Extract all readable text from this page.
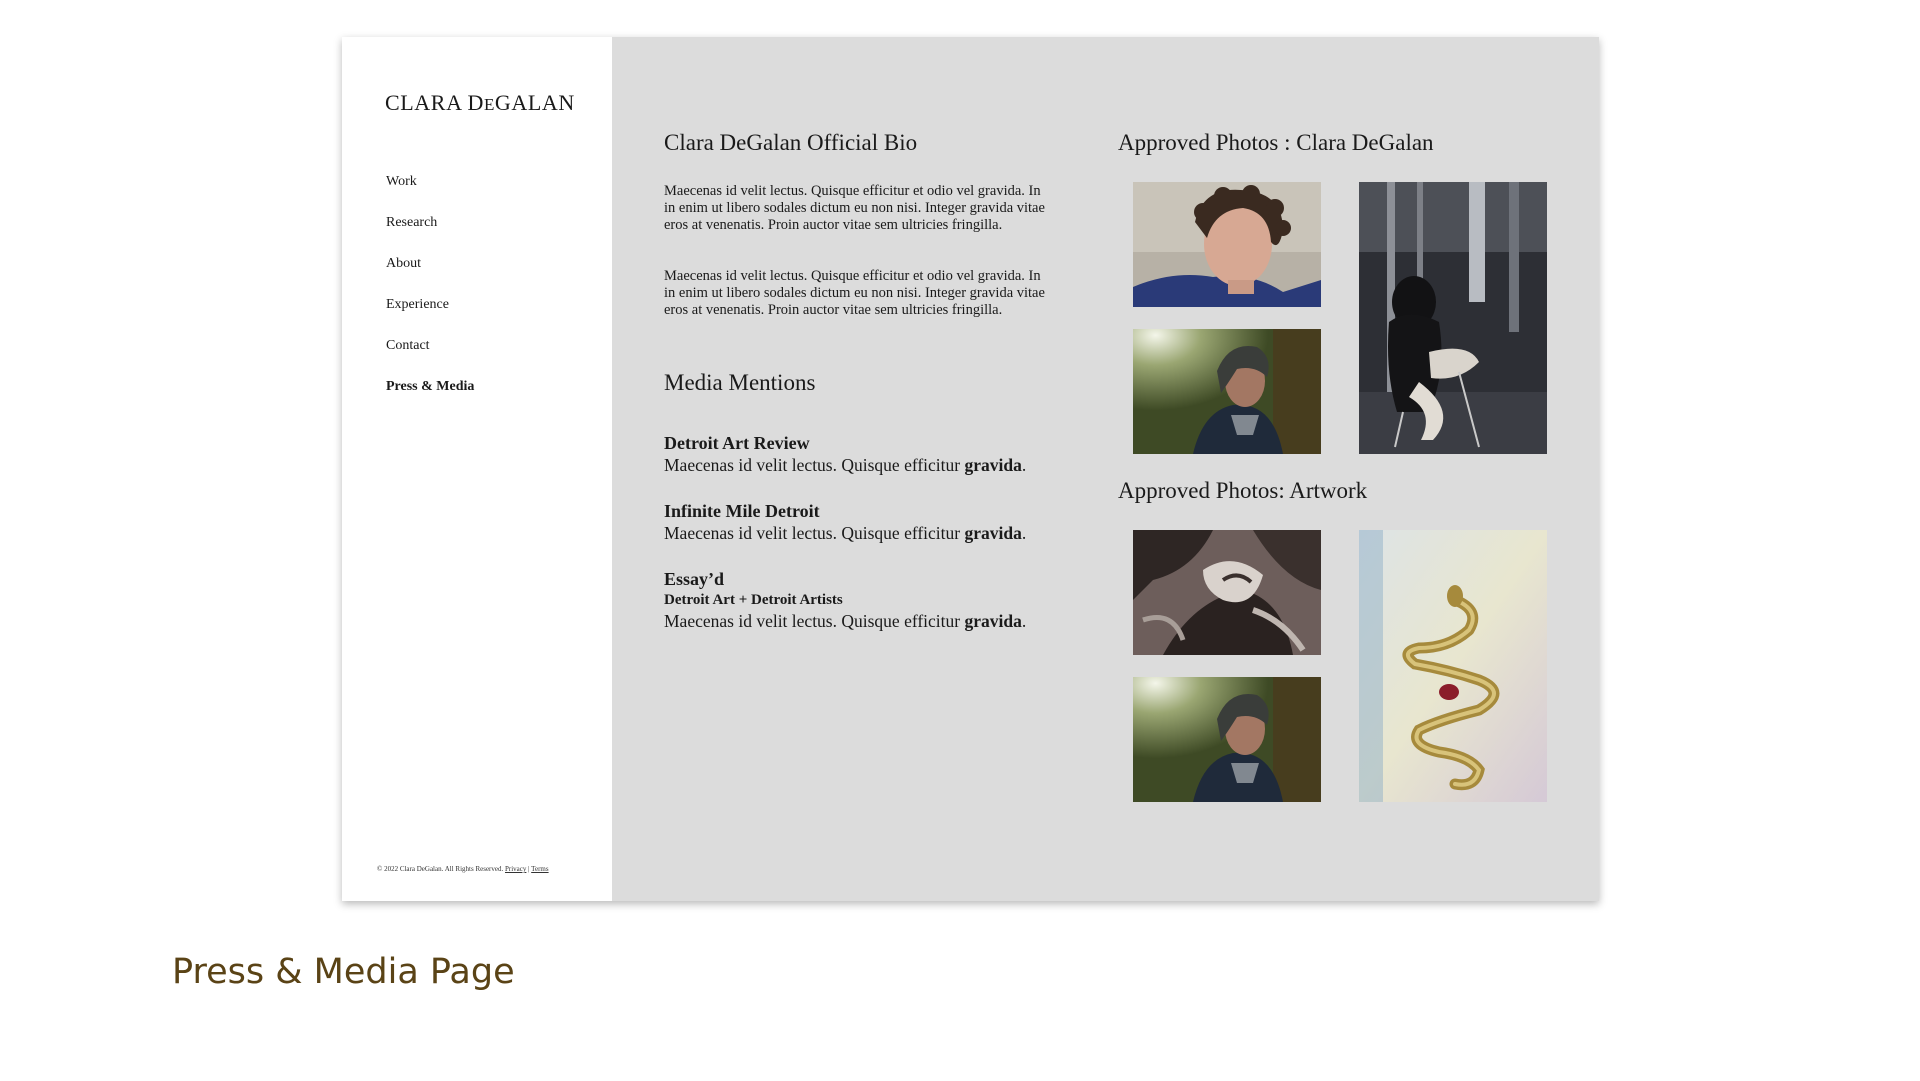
CLARA DEGALAN
Work
Research
About
Experience
Contact
Press & Media
© 2022 Clara DeGalan. All Rights Reserved. Privacy | Terms
Clara DeGalan Official Bio

Maecenas id velit lectus. Quisque efficitur et odio vel gravida. In in enim ut libero sodales dictum eu non nisi. Integer gravida vitae eros at venenatis. Proin auctor vitae sem ultricies fringilla.

Maecenas id velit lectus. Quisque efficitur et odio vel gravida. In in enim ut libero sodales dictum eu non nisi. Integer gravida vitae eros at venenatis. Proin auctor vitae sem ultricies fringilla.

Media Mentions
Detroit Art Review
Maecenas id velit lectus. Quisque efficitur gravida.
Infinite Mile Detroit
Maecenas id velit lectus. Quisque efficitur gravida.
Essay’d
Detroit Art + Detroit Artists
Maecenas id velit lectus. Quisque efficitur gravida.
Approved Photos : Clara DeGalan
Approved Photos: Artwork
Press & Media Page
